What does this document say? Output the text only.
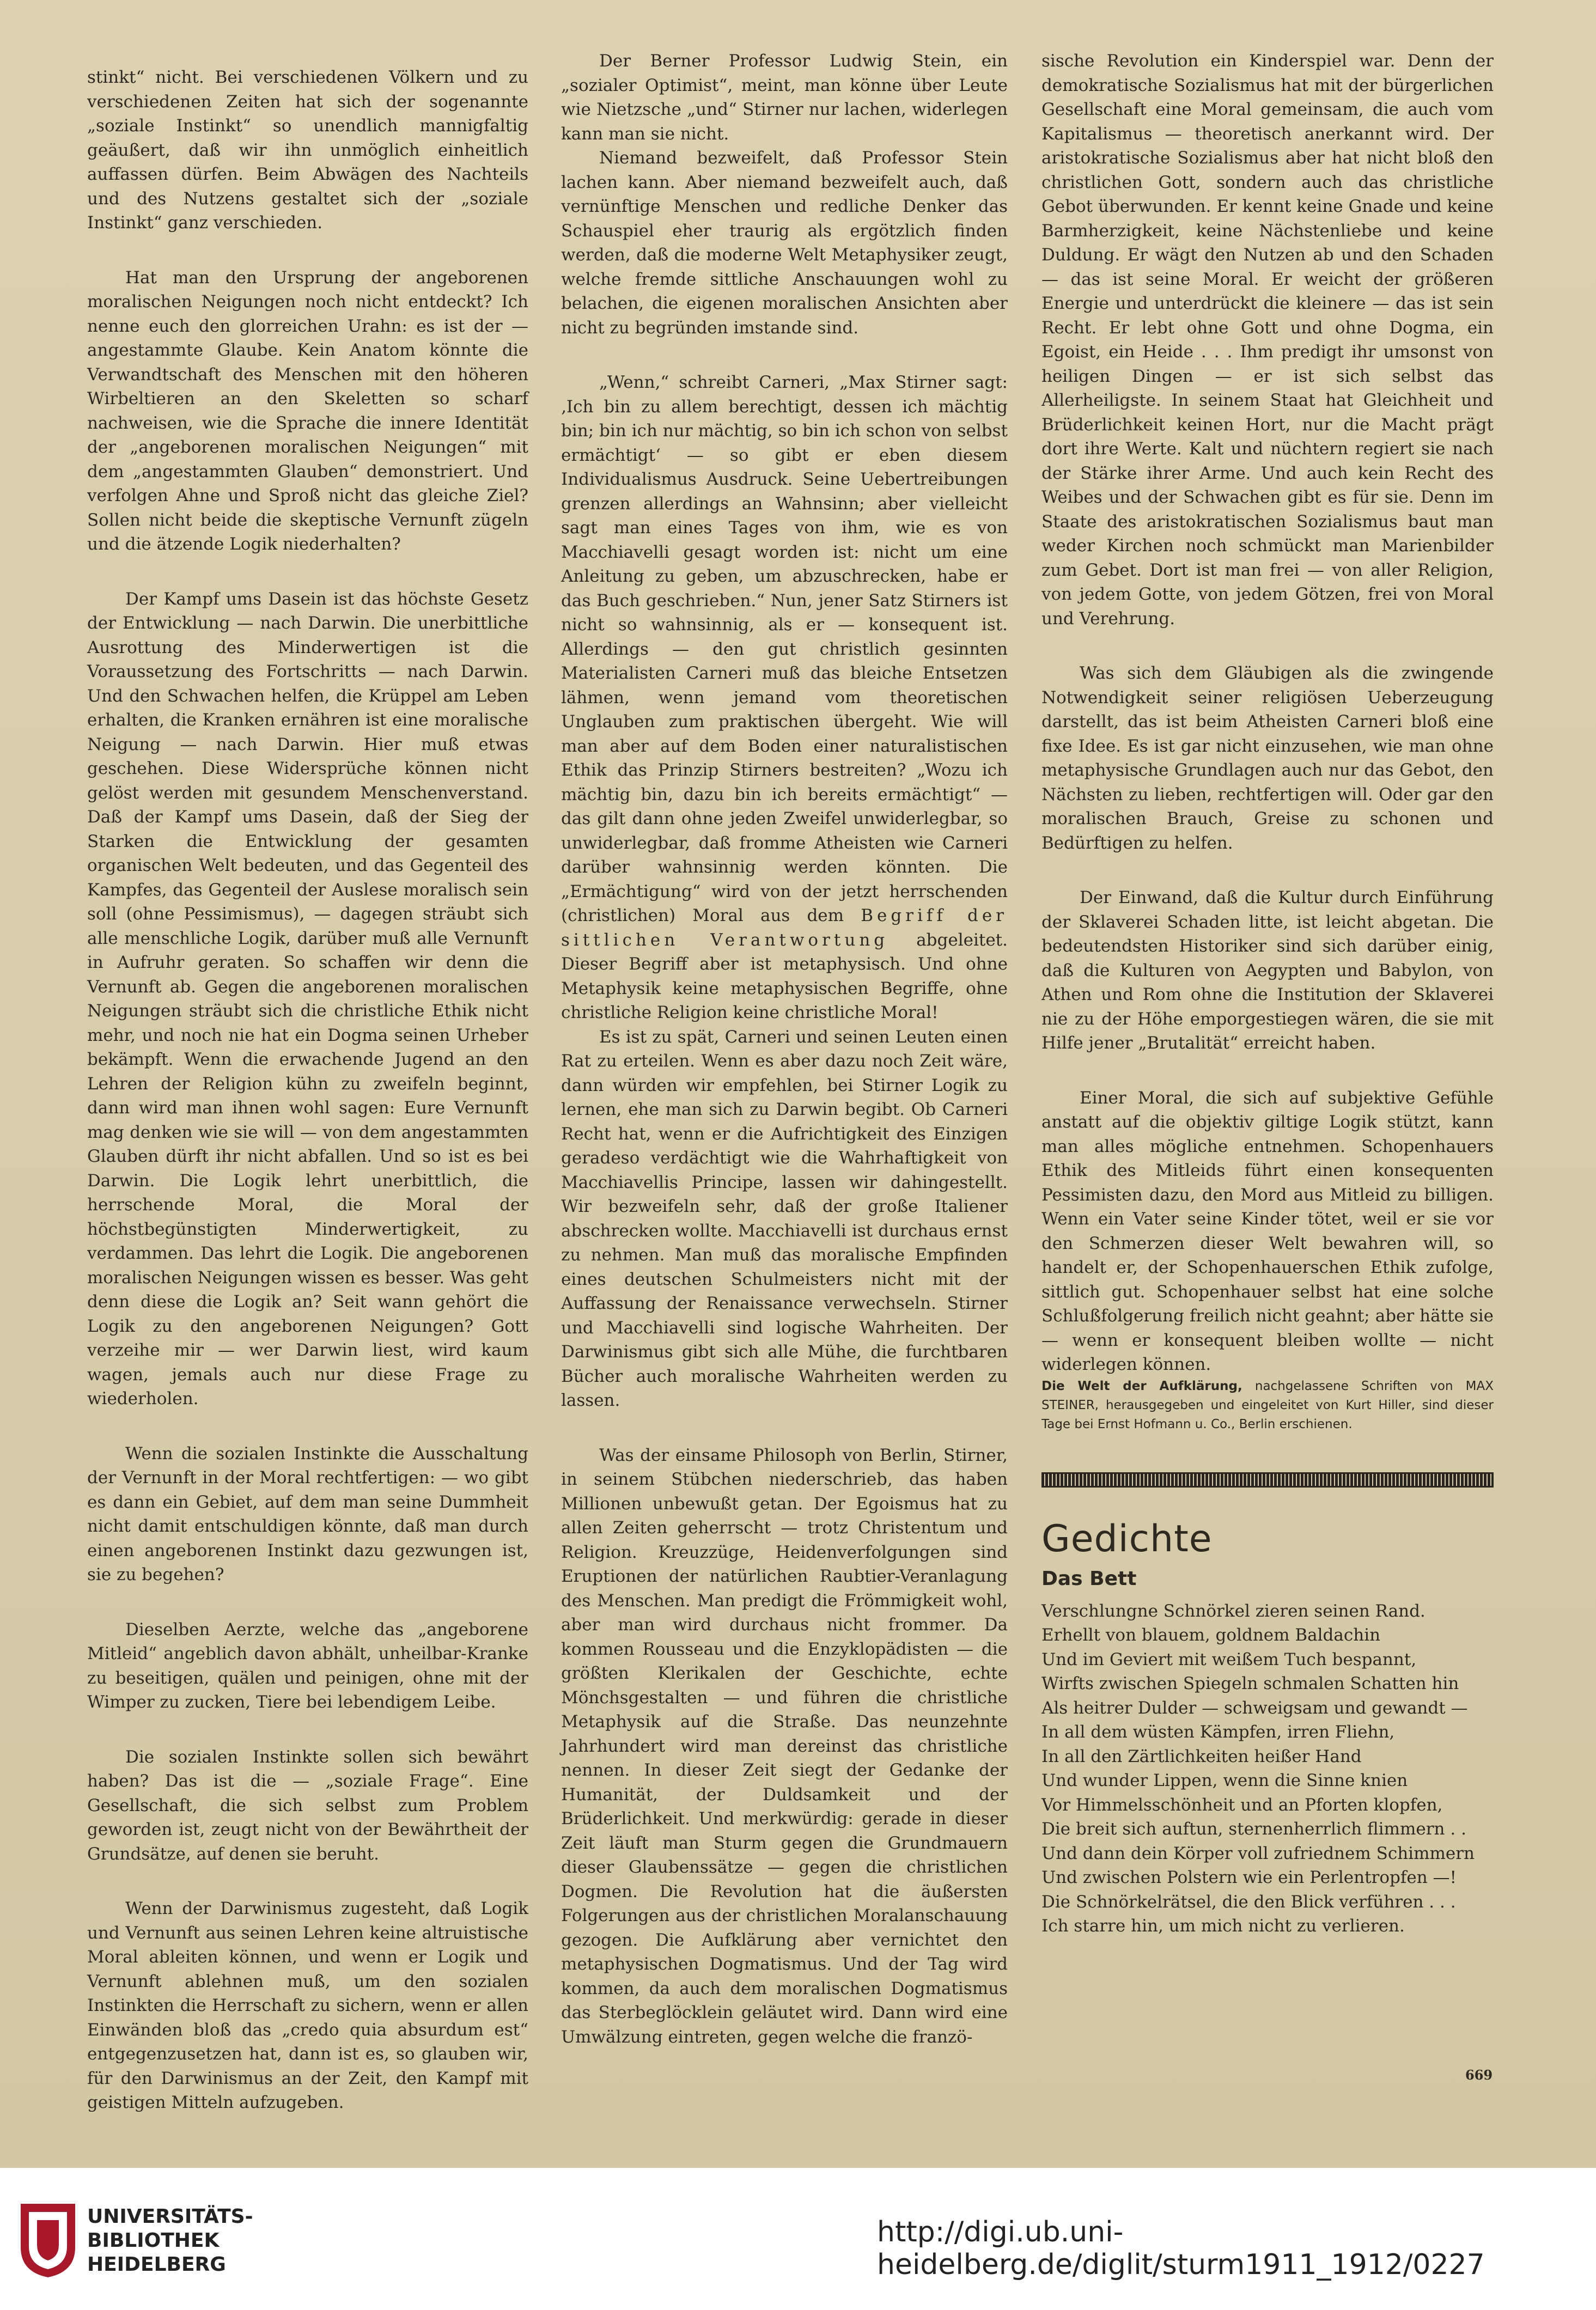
stinkt“ nicht. Bei verschiedenen Völkern und zu verschiedenen Zeiten hat sich der sogenannte „soziale Instinkt“ so unendlich mannigfaltig geäußert, daß wir ihn unmöglich einheitlich auffassen dürfen. Beim Abwägen des Nachteils und des Nutzens gestaltet sich der „soziale Instinkt“ ganz verschieden.

Hat man den Ursprung der angeborenen moralischen Neigungen noch nicht entdeckt? Ich nenne euch den glorreichen Urahn: es ist der — angestammte Glaube. Kein Anatom könnte die Verwandtschaft des Menschen mit den höheren Wirbeltieren an den Skeletten so scharf nachweisen, wie die Sprache die innere Identität der „angeborenen moralischen Neigungen“ mit dem „angestammten Glauben“ demonstriert. Und verfolgen Ahne und Sproß nicht das gleiche Ziel? Sollen nicht beide die skeptische Vernunft zügeln und die ätzende Logik niederhalten?

Der Kampf ums Dasein ist das höchste Gesetz der Entwicklung — nach Darwin. Die unerbittliche Ausrottung des Minderwertigen ist die Voraussetzung des Fortschritts — nach Darwin. Und den Schwachen helfen, die Krüppel am Leben erhalten, die Kranken ernähren ist eine moralische Neigung — nach Darwin. Hier muß etwas geschehen. Diese Widersprüche können nicht gelöst werden mit gesundem Menschenverstand. Daß der Kampf ums Dasein, daß der Sieg der Starken die Entwicklung der gesamten organischen Welt bedeuten, und das Gegenteil des Kampfes, das Gegenteil der Auslese moralisch sein soll (ohne Pessimismus), — dagegen sträubt sich alle menschliche Logik, darüber muß alle Vernunft in Aufruhr geraten. So schaffen wir denn die Vernunft ab. Gegen die angeborenen moralischen Neigungen sträubt sich die christliche Ethik nicht mehr, und noch nie hat ein Dogma seinen Urheber bekämpft. Wenn die erwachende Jugend an den Lehren der Religion kühn zu zweifeln beginnt, dann wird man ihnen wohl sagen: Eure Vernunft mag denken wie sie will — von dem angestammten Glauben dürft ihr nicht abfallen. Und so ist es bei Darwin. Die Logik lehrt unerbittlich, die herrschende Moral, die Moral der höchstbegünstigten Minderwertigkeit, zu verdammen. Das lehrt die Logik. Die angeborenen moralischen Neigungen wissen es besser. Was geht denn diese die Logik an? Seit wann gehört die Logik zu den angeborenen Neigungen? Gott verzeihe mir — wer Darwin liest, wird kaum wagen, jemals auch nur diese Frage zu wiederholen.

Wenn die sozialen Instinkte die Ausschaltung der Vernunft in der Moral rechtfertigen: — wo gibt es dann ein Gebiet, auf dem man seine Dummheit nicht damit entschuldigen könnte, daß man durch einen angeborenen Instinkt dazu gezwungen ist, sie zu begehen?

Dieselben Aerzte, welche das „angeborene Mitleid“ angeblich davon abhält, unheilbar-Kranke zu beseitigen, quälen und peinigen, ohne mit der Wimper zu zucken, Tiere bei lebendigem Leibe.

Die sozialen Instinkte sollen sich bewährt haben? Das ist die — „soziale Frage“. Eine Gesellschaft, die sich selbst zum Problem geworden ist, zeugt nicht von der Bewährtheit der Grundsätze, auf denen sie beruht.

Wenn der Darwinismus zugesteht, daß Logik und Vernunft aus seinen Lehren keine altruistische Moral ableiten können, und wenn er Logik und Vernunft ablehnen muß, um den sozialen Instinkten die Herrschaft zu sichern, wenn er allen Einwänden bloß das „credo quia absurdum est“ entgegenzusetzen hat, dann ist es, so glauben wir, für den Darwinismus an der Zeit, den Kampf mit geistigen Mitteln aufzugeben.

Der Berner Professor Ludwig Stein, ein „sozialer Optimist“, meint, man könne über Leute wie Nietzsche „und“ Stirner nur lachen, widerlegen kann man sie nicht.

Niemand bezweifelt, daß Professor Stein lachen kann. Aber niemand bezweifelt auch, daß vernünftige Menschen und redliche Denker das Schauspiel eher traurig als ergötzlich finden werden, daß die moderne Welt Metaphysiker zeugt, welche fremde sittliche Anschauungen wohl zu belachen, die eigenen moralischen Ansichten aber nicht zu begründen imstande sind.

„Wenn,“ schreibt Carneri, „Max Stirner sagt: ‚Ich bin zu allem berechtigt, dessen ich mächtig bin; bin ich nur mächtig, so bin ich schon von selbst ermächtigt‘ — so gibt er eben diesem Individualismus Ausdruck. Seine Uebertreibungen grenzen allerdings an Wahnsinn; aber vielleicht sagt man eines Tages von ihm, wie es von Macchiavelli gesagt worden ist: nicht um eine Anleitung zu geben, um abzuschrecken, habe er das Buch geschrieben.“ Nun, jener Satz Stirners ist nicht so wahnsinnig, als er — konsequent ist. Allerdings — den gut christlich gesinnten Materialisten Carneri muß das bleiche Entsetzen lähmen, wenn jemand vom theoretischen Unglauben zum praktischen übergeht. Wie will man aber auf dem Boden einer naturalistischen Ethik das Prinzip Stirners bestreiten? „Wozu ich mächtig bin, dazu bin ich bereits ermächtigt“ — das gilt dann ohne jeden Zweifel unwiderlegbar, so unwiderlegbar, daß fromme Atheisten wie Carneri darüber wahnsinnig werden könnten. Die „Ermächtigung“ wird von der jetzt herrschenden (christlichen) Moral aus dem Begriff der sittlichen Verantwortung abgeleitet. Dieser Begriff aber ist metaphysisch. Und ohne Metaphysik keine metaphysischen Begriffe, ohne christliche Religion keine christliche Moral!

Es ist zu spät, Carneri und seinen Leuten einen Rat zu erteilen. Wenn es aber dazu noch Zeit wäre, dann würden wir empfehlen, bei Stirner Logik zu lernen, ehe man sich zu Darwin begibt. Ob Carneri Recht hat, wenn er die Aufrichtigkeit des Einzigen geradeso verdächtigt wie die Wahrhaftigkeit von Macchiavellis Principe, lassen wir dahingestellt. Wir bezweifeln sehr, daß der große Italiener abschrecken wollte. Macchiavelli ist durchaus ernst zu nehmen. Man muß das moralische Empfinden eines deutschen Schulmeisters nicht mit der Auffassung der Renaissance verwechseln. Stirner und Macchiavelli sind logische Wahrheiten. Der Darwinismus gibt sich alle Mühe, die furchtbaren Bücher auch moralische Wahrheiten werden zu lassen.

Was der einsame Philosoph von Berlin, Stirner, in seinem Stübchen niederschrieb, das haben Millionen unbewußt getan. Der Egoismus hat zu allen Zeiten geherrscht — trotz Christentum und Religion. Kreuzzüge, Heidenverfolgungen sind Eruptionen der natürlichen Raubtier-Veranlagung des Menschen. Man predigt die Frömmigkeit wohl, aber man wird durchaus nicht frommer. Da kommen Rousseau und die Enzyklopädisten — die größten Klerikalen der Geschichte, echte Mönchsgestalten — und führen die christliche Metaphysik auf die Straße. Das neunzehnte Jahrhundert wird man dereinst das christliche nennen. In dieser Zeit siegt der Gedanke der Humanität, der Duldsamkeit und der Brüderlichkeit. Und merkwürdig: gerade in dieser Zeit läuft man Sturm gegen die Grundmauern dieser Glaubenssätze — gegen die christlichen Dogmen. Die Revolution hat die äußersten Folgerungen aus der christlichen Moralanschauung gezogen. Die Aufklärung aber vernichtet den metaphysischen Dogmatismus. Und der Tag wird kommen, da auch dem moralischen Dogmatismus das Sterbeglöcklein geläutet wird. Dann wird eine Umwälzung eintreten, gegen welche die franzö-

sische Revolution ein Kinderspiel war. Denn der demokratische Sozialismus hat mit der bürgerlichen Gesellschaft eine Moral gemeinsam, die auch vom Kapitalismus — theoretisch anerkannt wird. Der aristokratische Sozialismus aber hat nicht bloß den christlichen Gott, sondern auch das christliche Gebot überwunden. Er kennt keine Gnade und keine Barmherzigkeit, keine Nächstenliebe und keine Duldung. Er wägt den Nutzen ab und den Schaden — das ist seine Moral. Er weicht der größeren Energie und unterdrückt die kleinere — das ist sein Recht. Er lebt ohne Gott und ohne Dogma, ein Egoist, ein Heide . . . Ihm predigt ihr umsonst von heiligen Dingen — er ist sich selbst das Allerheiligste. In seinem Staat hat Gleichheit und Brüderlichkeit keinen Hort, nur die Macht prägt dort ihre Werte. Kalt und nüchtern regiert sie nach der Stärke ihrer Arme. Und auch kein Recht des Weibes und der Schwachen gibt es für sie. Denn im Staate des aristokratischen Sozialismus baut man weder Kirchen noch schmückt man Marienbilder zum Gebet. Dort ist man frei — von aller Religion, von jedem Gotte, von jedem Götzen, frei von Moral und Verehrung.

Was sich dem Gläubigen als die zwingende Notwendigkeit seiner religiösen Ueberzeugung darstellt, das ist beim Atheisten Carneri bloß eine fixe Idee. Es ist gar nicht einzusehen, wie man ohne metaphysische Grundlagen auch nur das Gebot, den Nächsten zu lieben, rechtfertigen will. Oder gar den moralischen Brauch, Greise zu schonen und Bedürftigen zu helfen.

Der Einwand, daß die Kultur durch Einführung der Sklaverei Schaden litte, ist leicht abgetan. Die bedeutendsten Historiker sind sich darüber einig, daß die Kulturen von Aegypten und Babylon, von Athen und Rom ohne die Institution der Sklaverei nie zu der Höhe emporgestiegen wären, die sie mit Hilfe jener „Brutalität“ erreicht haben.

Einer Moral, die sich auf subjektive Gefühle anstatt auf die objektiv giltige Logik stützt, kann man alles mögliche entnehmen. Schopenhauers Ethik des Mitleids führt einen konsequenten Pessimisten dazu, den Mord aus Mitleid zu billigen. Wenn ein Vater seine Kinder tötet, weil er sie vor den Schmerzen dieser Welt bewahren will, so handelt er, der Schopenhauerschen Ethik zufolge, sittlich gut. Schopenhauer selbst hat eine solche Schlußfolgerung freilich nicht geahnt; aber hätte sie — wenn er konsequent bleiben wollte — nicht widerlegen können.

Die Welt der Aufklärung, nachgelassene Schriften von MAX STEINER, herausgegeben und eingeleitet von Kurt Hiller, sind dieser Tage bei Ernst Hofmann u. Co., Berlin erschienen.

Gedichte
Das Bett
Verschlungne Schnörkel zieren seinen Rand.
Erhellt von blauem, goldnem Baldachin
Und im Geviert mit weißem Tuch bespannt,
Wirfts zwischen Spiegeln schmalen Schatten hin
Als heitrer Dulder — schweigsam und gewandt —
In all dem wüsten Kämpfen, irren Fliehn,
In all den Zärtlichkeiten heißer Hand
Und wunder Lippen, wenn die Sinne knien
Vor Himmelsschönheit und an Pforten klopfen,
Die breit sich auftun, sternenherrlich flimmern . .
Und dann dein Körper voll zufriednem Schimmern
Und zwischen Polstern wie ein Perlentropfen —!
Die Schnörkelrätsel, die den Blick verführen . . .
Ich starre hin, um mich nicht zu verlieren.
669
UNIVERSITÄTS-
BIBLIOTHEK
HEIDELBERG
http://digi.ub.uni-heidelberg.de/diglit/sturm1911_1912/0227
